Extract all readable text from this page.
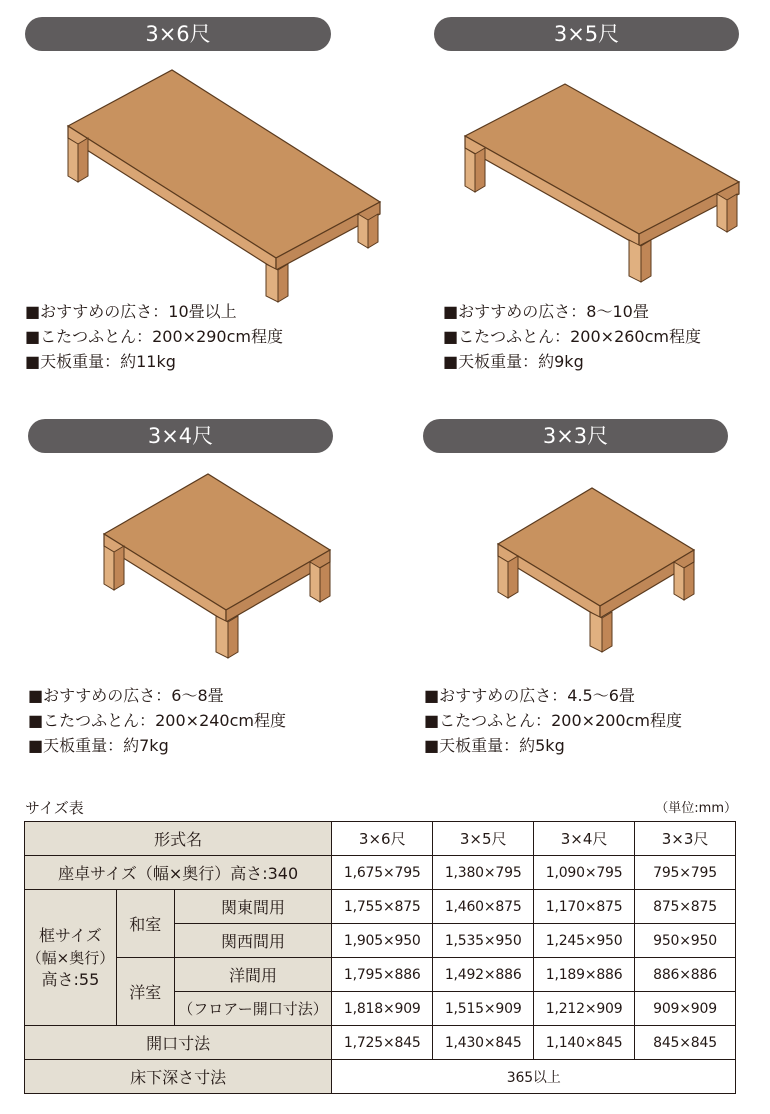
3×6尺
■おすすめの広さ：10畳以上
■こたつふとん：200×290cm程度
■天板重量：約11kg
3×5尺
■おすすめの広さ：8〜10畳
■こたつふとん：200×260cm程度
■天板重量：約9kg
3×4尺
■おすすめの広さ：6〜8畳
■こたつふとん：200×240cm程度
■天板重量：約7kg
3×3尺
■おすすめの広さ：4.5〜6畳
■こたつふとん：200×200cm程度
■天板重量：約5kg
サイズ表	（単位:mm）
形式名			3×6尺	3×5尺	3×4尺	3×3尺
座卓サイズ（幅×奥行）高さ:340			1,675×795	1,380×795	1,090×795	795×795

框サイズ
（幅×奥行）
高さ:55	和室	関東間用	1,755×875	1,460×875	1,170×875	875×875
		関西間用	1,905×950	1,535×950	1,245×950	950×950
	洋室	洋間用	1,795×886	1,492×886	1,189×886	886×886
		（フロアー開口寸法）	1,818×909	1,515×909	1,212×909	909×909
開口寸法			1,725×845	1,430×845	1,140×845	845×845
床下深さ寸法			365以上			
